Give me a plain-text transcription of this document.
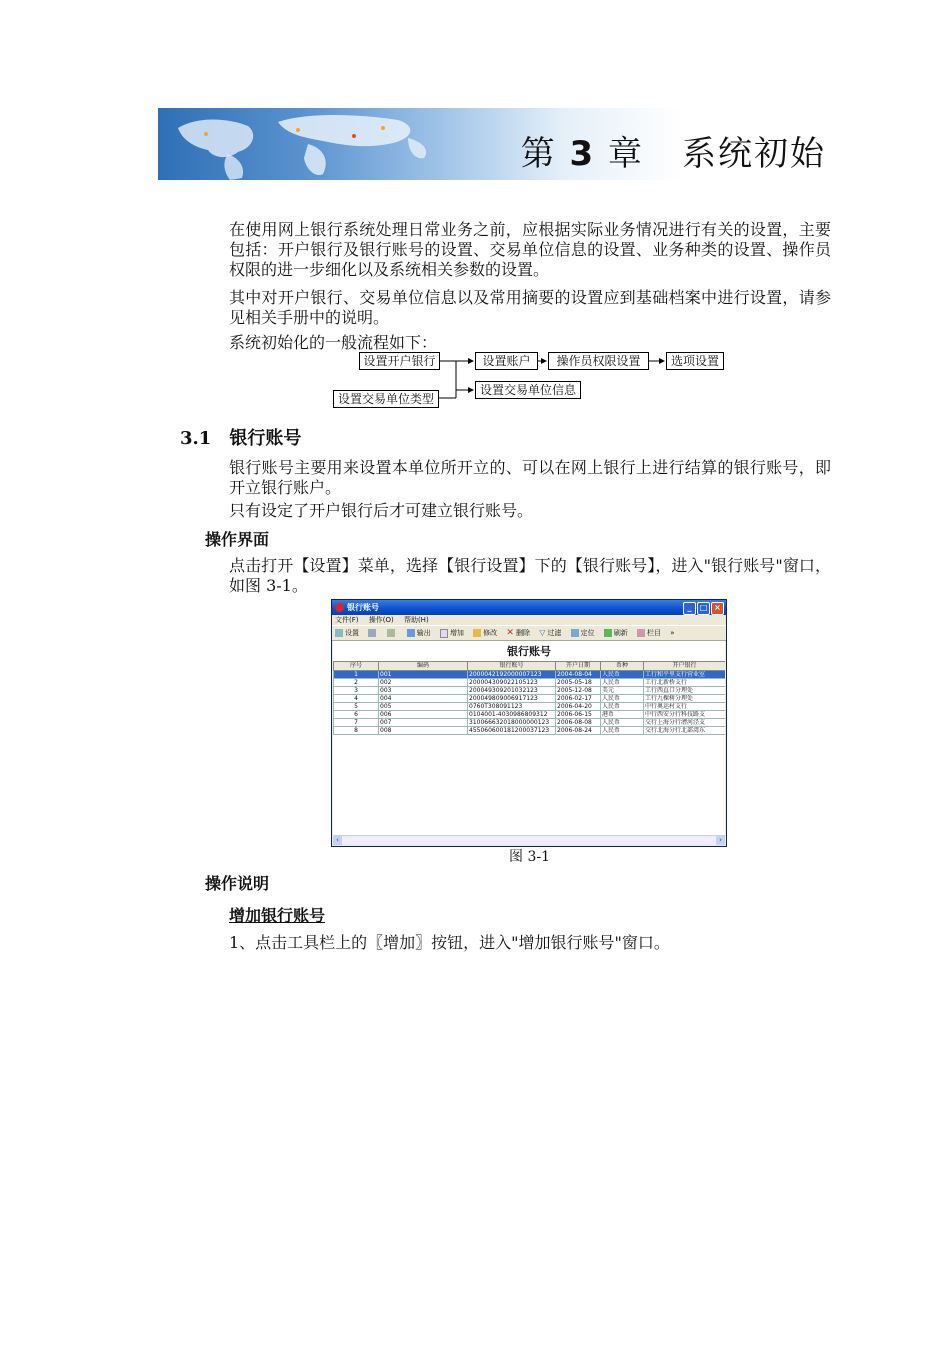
第 3 章 系统初始
在使用网上银行系统处理日常业务之前，应根据实际业务情况进行有关的设置，主要包括：开户银行及银行账号的设置、交易单位信息的设置、业务种类的设置、操作员权限的进一步细化以及系统相关参数的设置。
其中对开户银行、交易单位信息以及常用摘要的设置应到基础档案中进行设置，请参见相关手册中的说明。
系统初始化的一般流程如下：
设置开户银行	设置账户	操作员权限设置	选项设置
设置交易单位类型
设置交易单位信息
3.1 银行账号
银行账号主要用来设置本单位所开立的、可以在网上银行上进行结算的银行账号，即开立银行账户。
只有设定了开户银行后才可建立银行账号。
操作界面
点击打开【设置】菜单，选择【银行设置】下的【银行账号】，进入"银行账号"窗口，如图 3-1。
银行账号	_	□ ×
文件(F) 操作(O) 帮助(H)
设置	输出	增加	修改 ✕ 删除 ▽ 过滤	定位	刷新	栏目 »
银行账号
序号	编码	银行账号	开户日期	币种	开户银行
1	001	2000042192000007123	2004-08-04	人民币	工行和平里支行营业室
2	002	20000430902210512З	2005-05-18	人民币	工行北新桥支行
3	003	20004930920103212З	2005-12-08	美元	工行西直口分理处
4	004	20004980900691712З	2006-02-17	人民币	工行九棵树分理处
5	005	0760T308091123	2006-04-20	人民币	中行奥运村支行
6	006	0104001-4030986809312	2006-06-15	港币	中行西安分行科技路支
7	007	310066632018000000123	2006-08-08	人民币	交行上海分行漕河泾支
8	008	455060600181200037123	2006-08-24	人民币	交行北海分行北部湾东
‹	›
图 3-1
操作说明
增加银行账号
1、点击工具栏上的〖增加〗按钮，进入"增加银行账号"窗口。
